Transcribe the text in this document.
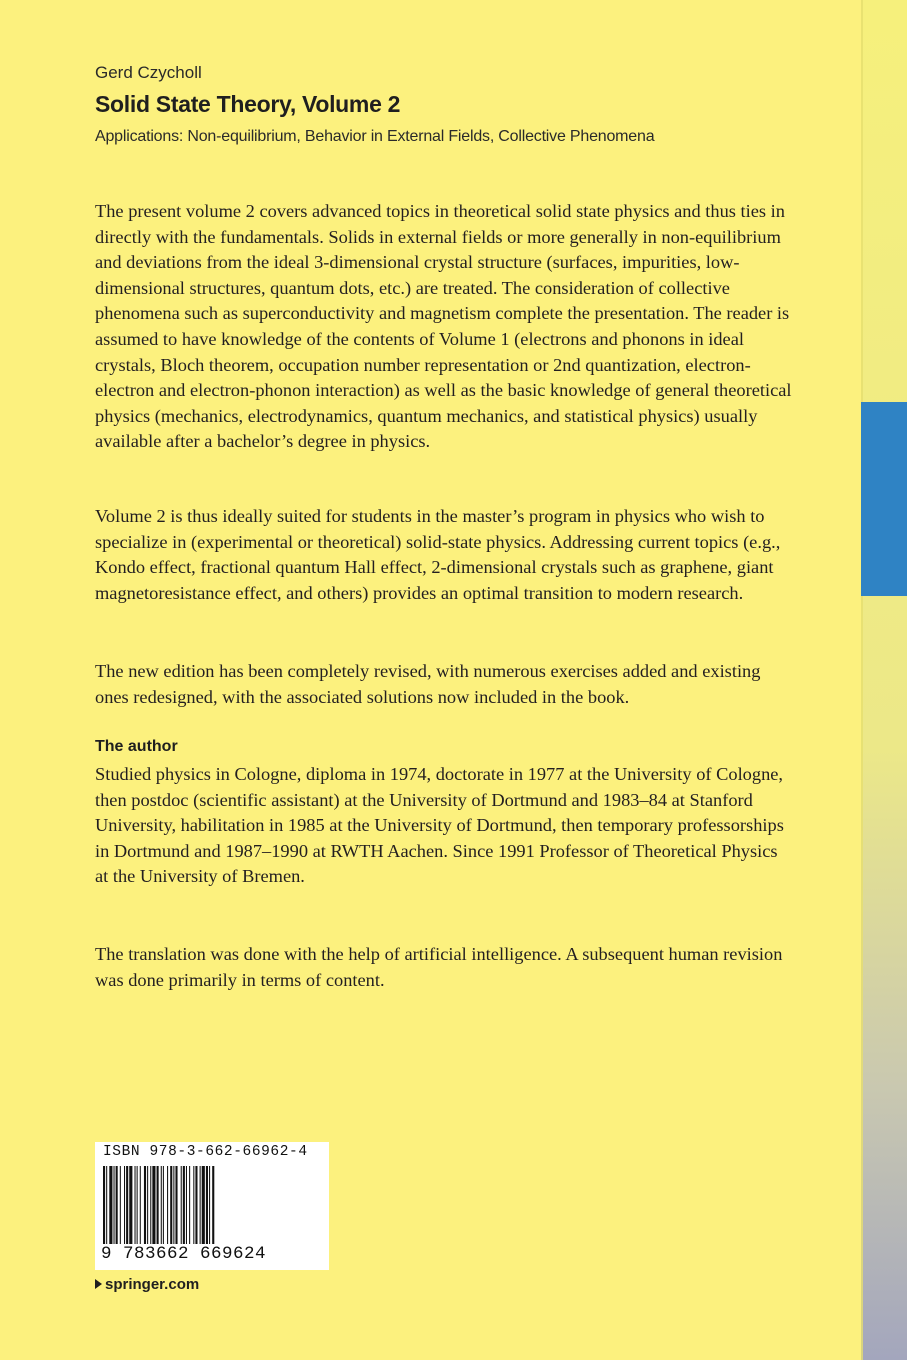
Gerd Czycholl
Solid State Theory, Volume 2
Applications: Non-equilibrium, Behavior in External Fields, Collective Phenomena

The present volume 2 covers advanced topics in theoretical solid state physics and thus ties in directly with the fundamentals. Solids in external fields or more generally in non-equilibrium and deviations from the ideal 3-dimensional crystal structure (surfaces, impurities, low-dimensional structures, quantum dots, etc.) are treated. The consideration of collective phenomena such as superconductivity and magnetism complete the presentation. The reader is assumed to have knowledge of the contents of Volume 1 (electrons and phonons in ideal crystals, Bloch theorem, occupation number representation or 2nd quantization, electron-electron and electron-phonon interaction) as well as the basic knowledge of general theoretical physics (mechanics, electrodynamics, quantum mechanics, and statistical physics) usually available after a bachelor’s degree in physics.

Volume 2 is thus ideally suited for students in the master’s program in physics who wish to specialize in (experimental or theoretical) solid-state physics. Addressing current topics (e.g., Kondo effect, fractional quantum Hall effect, 2-dimensional crystals such as graphene, giant magnetoresistance effect, and others) provides an optimal transition to modern research.

The new edition has been completely revised, with numerous exercises added and existing ones redesigned, with the associated solutions now included in the book.

The author

Studied physics in Cologne, diploma in 1974, doctorate in 1977 at the University of Cologne, then postdoc (scientific assistant) at the University of Dortmund and 1983–84 at Stanford University, habilitation in 1985 at the University of Dortmund, then temporary professorships in Dortmund and 1987–1990 at RWTH Aachen. Since 1991 Professor of Theoretical Physics at the University of Bremen.

The translation was done with the help of artificial intelligence. A subsequent human revision was done primarily in terms of content.

ISBN 978-3-662-66962-4
9 783662 669624
springer.com
